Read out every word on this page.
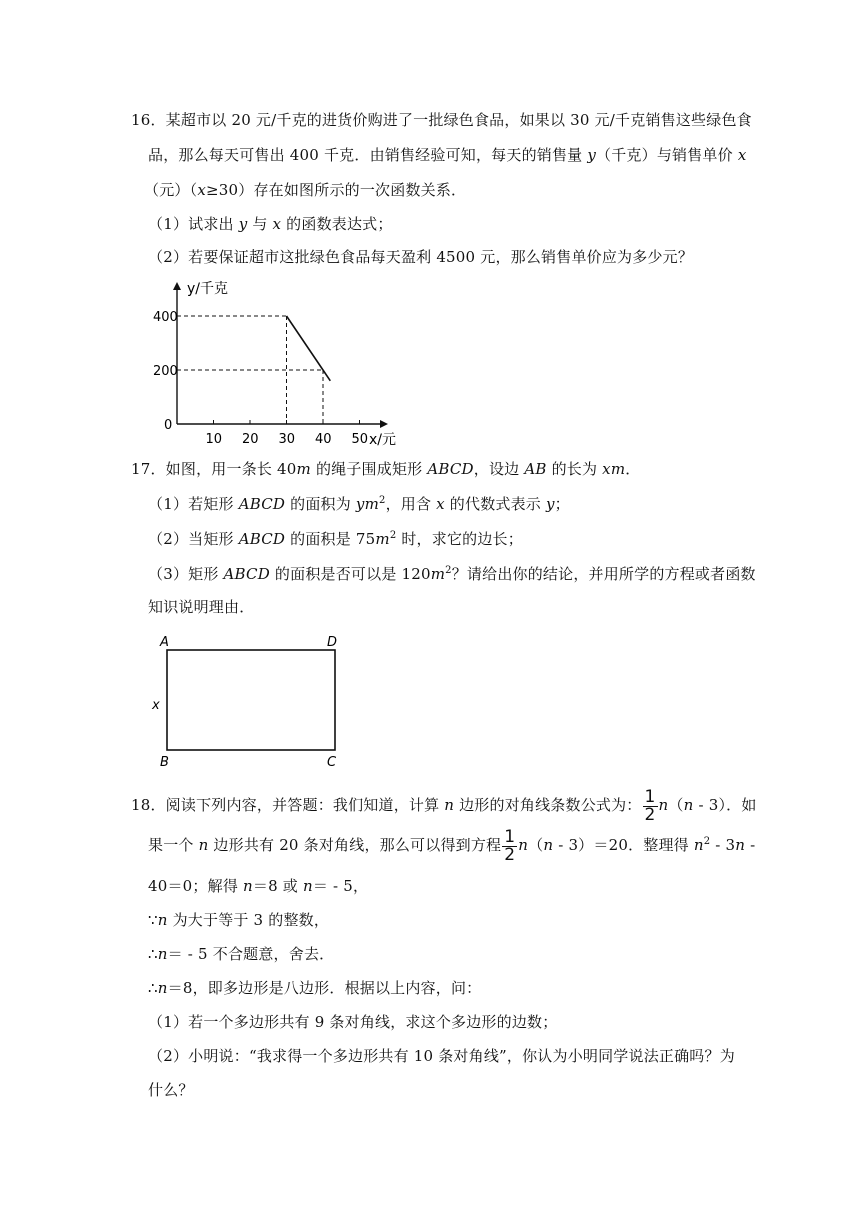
16．某超市以 20 元/千克的进货价购进了一批绿色食品，如果以 30 元/千克销售这些绿色食
品，那么每天可售出 400 千克．由销售经验可知，每天的销售量 y（千克）与销售单价 x
（元）（x≥30）存在如图所示的一次函数关系．
（1）试求出 y 与 x 的函数表达式；
（2）若要保证超市这批绿色食品每天盈利 4500 元，那么销售单价应为多少元？
y/千克
x/元
0
10 20 30 40 50
400
200
17．如图，用一条长 40m 的绳子围成矩形 ABCD，设边 AB 的长为 xm．
（1）若矩形 ABCD 的面积为 $ym^2$，用含 x 的代数式表示 y；
（2）当矩形 ABCD 的面积是 $75m^2$ 时，求它的边长；
（3）矩形 ABCD 的面积是否可以是 $120m^2$？请给出你的结论，并用所学的方程或者函数
知识说明理由．
A	D
B	C
x
18．阅读下列内容，并答题：我们知道，计算 n 边形的对角线条数公式为： $\frac{1}{2} n(n - 3)$．如
果一个 n 边形共有 20 条对角线，那么可以得到方程 $\frac{1}{2} n(n - 3)=20$．整理得 $n^2 - 3n$ -
40＝0；解得 n＝8 或 n＝ - 5，
∵n 为大于等于 3 的整数，
∴n＝ - 5 不合题意，舍去．
∴n＝8，即多边形是八边形．根据以上内容，问：
（1）若一个多边形共有 9 条对角线，求这个多边形的边数；
（2）小明说：“我求得一个多边形共有 10 条对角线”，你认为小明同学说法正确吗？为
什么？
